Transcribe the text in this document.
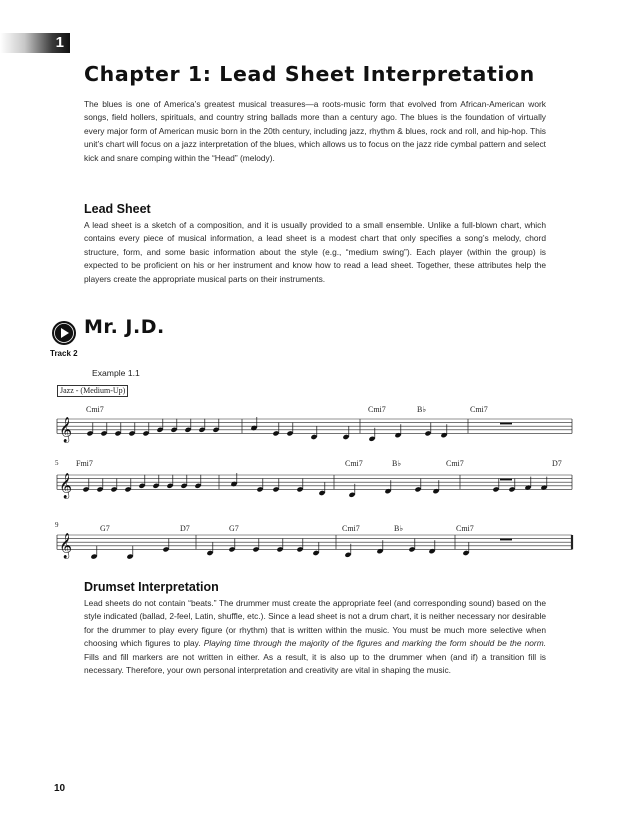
1
Chapter 1: Lead Sheet Interpretation

The blues is one of America’s greatest musical treasures—a roots-music form that evolved from African-American work songs, field hollers, spirituals, and country string ballads more than a century ago. The blues is the foundation of virtually every major form of American music born in the 20th century, including jazz, rhythm & blues, rock and roll, and hip-hop. This unit’s chart will focus on a jazz interpretation of the blues, which allows us to focus on the jazz ride cymbal pattern and select kick and snare comping within the “Head” (melody).

Lead Sheet

A lead sheet is a sketch of a composition, and it is usually provided to a small ensemble. Unlike a full-blown chart, which contains every piece of musical information, a lead sheet is a modest chart that only specifies a song’s melody, chord structure, form, and some basic information about the style (e.g., “medium swing”). Each player (within the group) is expected to be proficient on his or her instrument and know how to read a lead sheet. Together, these attributes help the players create the appropriate musical parts on their instruments.

Track 2
Mr. J.D.
Example 1.1
Jazz - (Medium-Up)
Cmi7	Cmi7	B♭	Cmi7
𝄞
5 Fmi7	Cmi7	B♭	Cmi7	D7
𝄞
9	G7	D7	G7	Cmi7	B♭	Cmi7
𝄞
Drumset Interpretation

Lead sheets do not contain “beats.” The drummer must create the appropriate feel (and corresponding sound) based on the style indicated (ballad, 2-feel, Latin, shuffle, etc.). Since a lead sheet is not a drum chart, it is neither necessary nor desirable for the drummer to play every figure (or rhythm) that is written within the music. You must be much more selective when choosing which figures to play. Playing time through the majority of the figures and marking the form should be the norm. Fills and fill markers are not written in either. As a result, it is also up to the drummer when (and if) a transition fill is necessary. Therefore, your own personal interpretation and creativity are vital in shaping the music.

10
